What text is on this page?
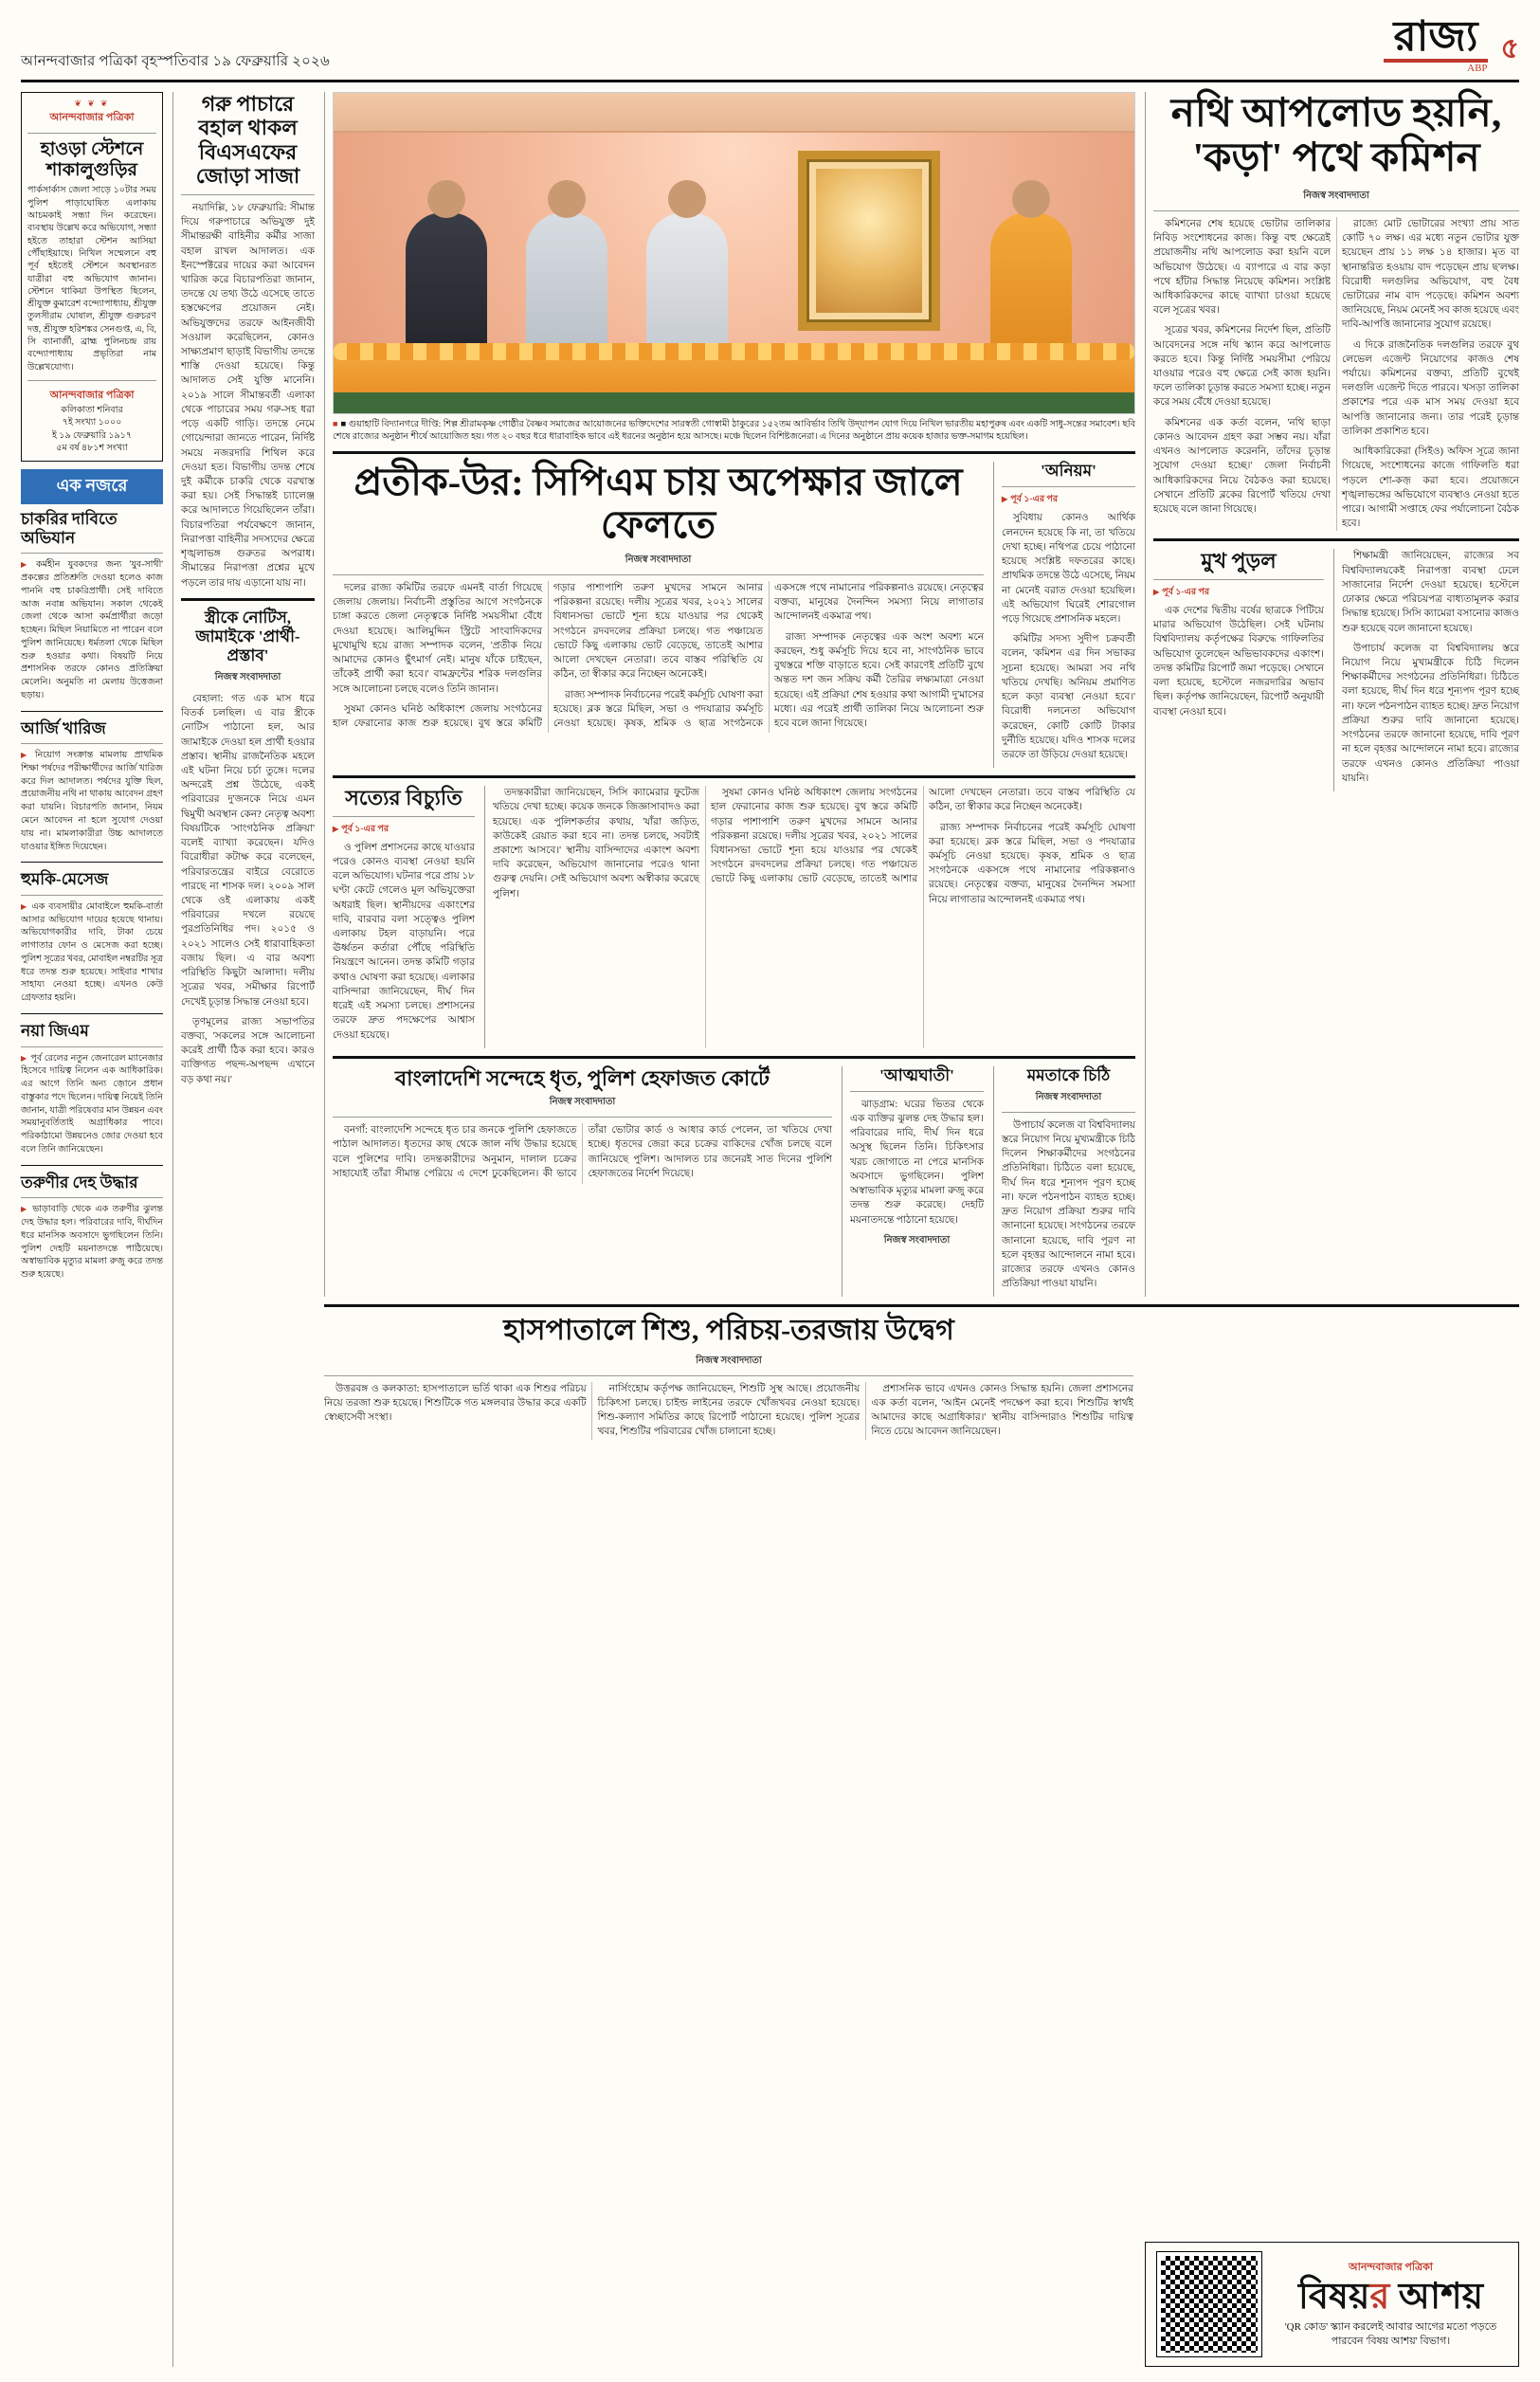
আনন্দবাজার পত্রিকা বৃহস্পতিবার ১৯ ফেব্রুয়ারি ২০২৬
রাজ্য
ABP
৫
❦ ❦ ❦
আনন্দবাজার পত্রিকা
হাওড়া স্টেশনে শাকালুগুড়ির
পার্কসার্কাস জেলা সাড়ে ১০টার সময় পুলিশ পাড়াঘোষিত এলাকায় আচমকাই সন্ধ্যা দিন করেছেন। ব্যবস্থায় উল্লেখ করে অভিযোগ, সন্ধ্যা হইতে তাহারা স্টেশন আসিয়া পৌঁছাইয়াছে। নিখিল সম্মেলনে বহু পূর্ব হইতেই স্টেশনে অবস্থানরত যাত্রীরা বহু অভিযোগ জানান। স্টেশনে থাকিয়া উপস্থিত ছিলেন, শ্রীযুক্ত কুমারেশ বন্দ্যোপাধ্যায়, শ্রীযুক্ত তুলসীরাম ঘোষাল, শ্রীযুক্ত গুরুচরণ দত্ত, শ্রীযুক্ত হরিশঙ্কর সেনগুপ্ত, এ, বি, সি ব্যানার্জী, ব্রাহ্ম পুলিনচন্দ্র রায় বন্দ্যোপাধ্যায় প্রভৃতিরা নাম উল্লেখযোগ্য।
আনন্দবাজার পত্রিকা
কলিকাতা শনিবার
৭ই সংখ্যা ১০০০
ই ১৯ ফেব্রুয়ারি ১৯১৭
৫ম বর্ষ ৪৮১শ সংখ্যা
এক নজরে
চাকরির দাবিতে অভিযান
▶ কর্মহীন যুবকদের জন্য 'যুব-সাথী' প্রকল্পের প্রতিশ্রুতি দেওয়া হলেও কাজ পাননি বহু চাকরিপ্রার্থী। সেই দাবিতে আজ নবান্ন অভিযান। সকাল থেকেই জেলা থেকে আসা কর্মপ্রার্থীরা জড়ো হচ্ছেন। মিছিল নিয়ামিতে না পারেন বলে পুলিশ জানিয়েছে। ধর্মতলা থেকে মিছিল শুরু হওয়ার কথা। বিষয়টি নিয়ে প্রশাসনিক তরফে কোনও প্রতিক্রিয়া মেলেনি। অনুমতি না মেলায় উত্তেজনা ছড়ায়।
আর্জি খারিজ
▶ নিয়োগ সংক্রান্ত মামলায় প্রাথমিক শিক্ষা পর্ষদের পরীক্ষার্থীদের আর্জি খারিজ করে দিল আদালত। পর্ষদের যুক্তি ছিল, প্রয়োজনীয় নথি না থাকায় আবেদন গ্রহণ করা যায়নি। বিচারপতি জানান, নিয়ম মেনে আবেদন না হলে সুযোগ দেওয়া যায় না। মামলাকারীরা উচ্চ আদালতে যাওয়ার ইঙ্গিত দিয়েছেন।
হুমকি-মেসেজ
▶ এক ব্যবসায়ীর মোবাইলে হুমকি-বার্তা আসার অভিযোগ দায়ের হয়েছে থানায়। অভিযোগকারীর দাবি, টাকা চেয়ে লাগাতার ফোন ও মেসেজ করা হচ্ছে। পুলিশ সূত্রের খবর, মোবাইল নম্বরটির সূত্র ধরে তদন্ত শুরু হয়েছে। সাইবার শাখার সাহায্য নেওয়া হচ্ছে। এখনও কেউ গ্রেফতার হয়নি।
নয়া জিএম
▶ পূর্ব রেলের নতুন জেনারেল ম্যানেজার হিসেবে দায়িত্ব নিলেন এক আধিকারিক। এর আগে তিনি অন্য জ়োনে প্রধান বাস্তুকার পদে ছিলেন। দায়িত্ব নিয়েই তিনি জানান, যাত্রী পরিষেবার মান উন্নয়ন এবং সময়ানুবর্তিতাই অগ্রাধিকার পাবে। পরিকাঠামো উন্নয়নেও জোর দেওয়া হবে বলে তিনি জানিয়েছেন।
তরুণীর দেহ উদ্ধার
▶ ভাড়াবাড়ি থেকে এক তরুণীর ঝুলন্ত দেহ উদ্ধার হল। পরিবারের দাবি, দীর্ঘদিন ধরে মানসিক অবসাদে ভুগছিলেন তিনি। পুলিশ দেহটি ময়নাতদন্তে পাঠিয়েছে। অস্বাভাবিক মৃত্যুর মামলা রুজু করে তদন্ত শুরু হয়েছে।
গরু পাচারে বহাল থাকল বিএসএফের জোড়া সাজা

নয়াদিল্লি, ১৮ ফেব্রুয়ারি: সীমান্ত দিয়ে গরুপাচারে অভিযুক্ত দুই সীমান্তরক্ষী বাহিনীর কর্মীর সাজা বহাল রাখল আদালত। এক ইনস্পেক্টরের দায়ের করা আবেদন খারিজ করে বিচারপতিরা জানান, তদন্তে যে তথ্য উঠে এসেছে তাতে হস্তক্ষেপের প্রয়োজন নেই। অভিযুক্তদের তরফে আইনজীবী সওয়াল করেছিলেন, কোনও সাক্ষ্যপ্রমাণ ছাড়াই বিভাগীয় তদন্তে শাস্তি দেওয়া হয়েছে। কিন্তু আদালত সেই যুক্তি মানেনি। ২০১৯ সালে সীমান্তবর্তী এলাকা থেকে পাচারের সময় গরু-সহ ধরা পড়ে একটি গাড়ি। তদন্তে নেমে গোয়েন্দারা জানতে পারেন, নির্দিষ্ট সময়ে নজরদারি শিথিল করে দেওয়া হত। বিভাগীয় তদন্ত শেষে দুই কর্মীকে চাকরি থেকে বরখাস্ত করা হয়। সেই সিদ্ধান্তই চ্যালেঞ্জ করে আদালতে গিয়েছিলেন তাঁরা। বিচারপতিরা পর্যবেক্ষণে জানান, নিরাপত্তা বাহিনীর সদস্যদের ক্ষেত্রে শৃঙ্খলাভঙ্গ গুরুতর অপরাধ। সীমান্তের নিরাপত্তা প্রশ্নের মুখে পড়লে তার দায় এড়ানো যায় না।

স্ত্রীকে নোটিস, জামাইকে 'প্রার্থী-প্রস্তাব'
নিজস্ব সংবাদদাতা

বেহালা: গত এক মাস ধরে বিতর্ক চলছিল। এ বার স্ত্রীকে নোটিস পাঠানো হল, আর জামাইকে দেওয়া হল প্রার্থী হওয়ার প্রস্তাব। স্থানীয় রাজনৈতিক মহলে এই ঘটনা নিয়ে চর্চা তুঙ্গে। দলের অন্দরেই প্রশ্ন উঠেছে, একই পরিবারের দু'জনকে নিয়ে এমন দ্বিমুখী অবস্থান কেন? নেতৃত্ব অবশ্য বিষয়টিকে 'সাংগঠনিক প্রক্রিয়া' বলেই ব্যাখ্যা করেছেন। যদিও বিরোধীরা কটাক্ষ করে বলেছেন, পরিবারতন্ত্রের বাইরে বেরোতে পারছে না শাসক দল। ২০০৯ সাল থেকে ওই এলাকায় একই পরিবারের দখলে রয়েছে পুরপ্রতিনিধির পদ। ২০১৫ ও ২০২১ সালেও সেই ধারাবাহিকতা বজায় ছিল। এ বার অবশ্য পরিস্থিতি কিছুটা আলাদা। দলীয় সূত্রের খবর, সমীক্ষার রিপোর্ট দেখেই চূড়ান্ত সিদ্ধান্ত নেওয়া হবে।

তৃণমূলের রাজ্য সভাপতির বক্তব্য, 'সকলের সঙ্গে আলোচনা করেই প্রার্থী ঠিক করা হবে। কারও ব্যক্তিগত পছন্দ-অপছন্দ এখানে বড় কথা নয়।'

■ ■ গুয়াহাটি বিদ্যানগরে দীপ্তি: শিল্প শ্রীরামকৃষ্ণ গোষ্ঠীর বৈষ্ণব সমাজের আয়োজনের ভক্তিদেশের সারস্বতী গোস্বামী ঠাকুরের ১৫২তম আবির্ভাব তিথি উদ্‌যাপন যোগ দিয়ে নিখিল ভারতীয় মহাপুরুষ এবং একটি সাধু-সন্তের সমাবেশ। ছবি শেষে রাজ্যের অনুষ্ঠান শীর্ষে আয়োজিত হয়। গত ২০ বছর ধরে ধারাবাহিক ভাবে এই ধরনের অনুষ্ঠান হয়ে আসছে। মঞ্চে ছিলেন বিশিষ্টজনেরা। এ দিনের অনুষ্ঠানে প্রায় কয়েক হাজার ভক্ত-সমাগম হয়েছিল।
প্রতীক-উর: সিপিএম চায় অপেক্ষার জালে ফেলতে
নিজস্ব সংবাদদাতা

দলের রাজ্য কমিটির তরফে এমনই বার্তা গিয়েছে জেলায় জেলায়। নির্বাচনী প্রস্তুতির আগে সংগঠনকে চাঙ্গা করতে জেলা নেতৃত্বকে নির্দিষ্ট সময়সীমা বেঁধে দেওয়া হয়েছে। আলিমুদ্দিন স্ট্রিটে সাংবাদিকদের মুখোমুখি হয়ে রাজ্য সম্পাদক বলেন, 'প্রতীক নিয়ে আমাদের কোনও ছুঁৎমার্গ নেই। মানুষ যাঁকে চাইছেন, তাঁকেই প্রার্থী করা হবে।' বামফ্রন্টের শরিক দলগুলির সঙ্গে আলোচনা চলছে বলেও তিনি জানান।

সুষমা কোনও ঘনিষ্ঠ অধিকাংশ জেলায় সংগঠনের হাল ফেরানোর কাজ শুরু হয়েছে। বুথ স্তরে কমিটি গড়ার পাশাপাশি তরুণ মুখদের সামনে আনার পরিকল্পনা রয়েছে। দলীয় সূত্রের খবর, ২০২১ সালের বিধানসভা ভোটে শূন্য হয়ে যাওয়ার পর থেকেই সংগঠনে রদবদলের প্রক্রিয়া চলছে। গত পঞ্চায়েত ভোটে কিছু এলাকায় ভোট বেড়েছে, তাতেই আশার আলো দেখছেন নেতারা। তবে বাস্তব পরিস্থিতি যে কঠিন, তা স্বীকার করে নিচ্ছেন অনেকেই।

রাজ্য সম্পাদক নির্বাচনের পরেই কর্মসূচি ঘোষণা করা হয়েছে। ব্লক স্তরে মিছিল, সভা ও পদযাত্রার কর্মসূচি নেওয়া হয়েছে। কৃষক, শ্রমিক ও ছাত্র সংগঠনকে একসঙ্গে পথে নামানোর পরিকল্পনাও রয়েছে। নেতৃত্বের বক্তব্য, মানুষের দৈনন্দিন সমস্যা নিয়ে লাগাতার আন্দোলনই একমাত্র পথ।

রাজ্য সম্পাদক নেতৃত্বের এক অংশ অবশ্য মনে করছেন, শুধু কর্মসূচি দিয়ে হবে না, সাংগঠনিক ভাবে বুথস্তরে শক্তি বাড়াতে হবে। সেই কারণেই প্রতিটি বুথে অন্তত দশ জন সক্রিয় কর্মী তৈরির লক্ষ্যমাত্রা নেওয়া হয়েছে। এই প্রক্রিয়া শেষ হওয়ার কথা আগামী দু'মাসের মধ্যে। এর পরেই প্রার্থী তালিকা নিয়ে আলোচনা শুরু হবে বলে জানা গিয়েছে।

'অনিয়ম'
▶ পূর্ব ১-এর পর

সুবিধায় কোনও আর্থিক লেনদেন হয়েছে কি না, তা খতিয়ে দেখা হচ্ছে। নথিপত্র চেয়ে পাঠানো হয়েছে সংশ্লিষ্ট দফতরের কাছে। প্রাথমিক তদন্তে উঠে এসেছে, নিয়ম না মেনেই বরাত দেওয়া হয়েছিল। এই অভিযোগ ঘিরেই শোরগোল পড়ে গিয়েছে প্রশাসনিক মহলে।

কমিটির সদস্য সুদীপ চক্রবর্তী বলেন, 'কমিশন এর দিন সভাকর সূচনা হয়েছে। আমরা সব নথি খতিয়ে দেখছি। অনিয়ম প্রমাণিত হলে কড়া ব্যবস্থা নেওয়া হবে।' বিরোধী দলনেতা অভিযোগ করেছেন, কোটি কোটি টাকার দুর্নীতি হয়েছে। যদিও শাসক দলের তরফে তা উড়িয়ে দেওয়া হয়েছে।

সত্যের বিচ্যুতি
▶ পূর্ব ১-এর পর

ও পুলিশ প্রশাসনের কাছে যাওয়ার পরেও কোনও ব্যবস্থা নেওয়া হয়নি বলে অভিযোগ। ঘটনার পরে প্রায় ১৮ ঘণ্টা কেটে গেলেও মূল অভিযুক্তেরা অধরাই ছিল। স্থানীয়দের একাংশের দাবি, বারবার বলা সত্ত্বেও পুলিশ এলাকায় টহল বাড়ায়নি। পরে ঊর্ধ্বতন কর্তারা পৌঁছে পরিস্থিতি নিয়ন্ত্রণে আনেন। তদন্ত কমিটি গড়ার কথাও ঘোষণা করা হয়েছে। এলাকার বাসিন্দারা জানিয়েছেন, দীর্ঘ দিন ধরেই এই সমস্যা চলছে। প্রশাসনের তরফে দ্রুত পদক্ষেপের আশ্বাস দেওয়া হয়েছে।

তদন্তকারীরা জানিয়েছেন, সিসি ক্যামেরার ফুটেজ খতিয়ে দেখা হচ্ছে। কয়েক জনকে জিজ্ঞাসাবাদও করা হয়েছে। এক পুলিশকর্তার কথায়, 'যাঁরা জড়িত, কাউকেই রেয়াত করা হবে না। তদন্ত চলছে, সবটাই প্রকাশ্যে আসবে।' স্থানীয় বাসিন্দাদের একাংশ অবশ্য দাবি করেছেন, অভিযোগ জানানোর পরেও থানা গুরুত্ব দেয়নি। সেই অভিযোগ অবশ্য অস্বীকার করেছে পুলিশ।

সুষমা কোনও ঘনিষ্ঠ অধিকাংশ জেলায় সংগঠনের হাল ফেরানোর কাজ শুরু হয়েছে। বুথ স্তরে কমিটি গড়ার পাশাপাশি তরুণ মুখদের সামনে আনার পরিকল্পনা রয়েছে। দলীয় সূত্রের খবর, ২০২১ সালের বিধানসভা ভোটে শূন্য হয়ে যাওয়ার পর থেকেই সংগঠনে রদবদলের প্রক্রিয়া চলছে। গত পঞ্চায়েত ভোটে কিছু এলাকায় ভোট বেড়েছে, তাতেই আশার আলো দেখছেন নেতারা। তবে বাস্তব পরিস্থিতি যে কঠিন, তা স্বীকার করে নিচ্ছেন অনেকেই।

রাজ্য সম্পাদক নির্বাচনের পরেই কর্মসূচি ঘোষণা করা হয়েছে। ব্লক স্তরে মিছিল, সভা ও পদযাত্রার কর্মসূচি নেওয়া হয়েছে। কৃষক, শ্রমিক ও ছাত্র সংগঠনকে একসঙ্গে পথে নামানোর পরিকল্পনাও রয়েছে। নেতৃত্বের বক্তব্য, মানুষের দৈনন্দিন সমস্যা নিয়ে লাগাতার আন্দোলনই একমাত্র পথ।

বাংলাদেশি সন্দেহে ধৃত, পুলিশ হেফাজত কোর্টে
নিজস্ব সংবাদদাতা

বনগাঁ: বাংলাদেশি সন্দেহে ধৃত চার জনকে পুলিশি হেফাজতে পাঠাল আদালত। ধৃতদের কাছ থেকে জাল নথি উদ্ধার হয়েছে বলে পুলিশের দাবি। তদন্তকারীদের অনুমান, দালাল চক্রের সাহায্যেই তাঁরা সীমান্ত পেরিয়ে এ দেশে ঢুকেছিলেন। কী ভাবে তাঁরা ভোটার কার্ড ও আধার কার্ড পেলেন, তা খতিয়ে দেখা হচ্ছে। ধৃতদের জেরা করে চক্রের বাকিদের খোঁজ চলছে বলে জানিয়েছে পুলিশ। আদালত চার জনেরই সাত দিনের পুলিশি হেফাজতের নির্দেশ দিয়েছে।

'আত্মঘাতী'

ঝাড়গ্রাম: ঘরের ভিতর থেকে এক ব্যক্তির ঝুলন্ত দেহ উদ্ধার হল। পরিবারের দাবি, দীর্ঘ দিন ধরে অসুস্থ ছিলেন তিনি। চিকিৎসার খরচ জোগাতে না পেরে মানসিক অবসাদে ভুগছিলেন। পুলিশ অস্বাভাবিক মৃত্যুর মামলা রুজু করে তদন্ত শুরু করেছে। দেহটি ময়নাতদন্তে পাঠানো হয়েছে।

নিজস্ব সংবাদদাতা
মমতাকে চিঠি
নিজস্ব সংবাদদাতা

উপাচার্য কলেজ বা বিশ্ববিদ্যালয় স্তরে নিয়োগ নিয়ে মুখ্যমন্ত্রীকে চিঠি দিলেন শিক্ষাকর্মীদের সংগঠনের প্রতিনিধিরা। চিঠিতে বলা হয়েছে, দীর্ঘ দিন ধরে শূন্যপদ পূরণ হচ্ছে না। ফলে পঠনপাঠন ব্যাহত হচ্ছে। দ্রুত নিয়োগ প্রক্রিয়া শুরুর দাবি জানানো হয়েছে। সংগঠনের তরফে জানানো হয়েছে, দাবি পূরণ না হলে বৃহত্তর আন্দোলনে নামা হবে। রাজ্যের তরফে এখনও কোনও প্রতিক্রিয়া পাওয়া যায়নি।

নথি আপলোড হয়নি, 'কড়া' পথে কমিশন
নিজস্ব সংবাদদাতা

কমিশনের শেষ হয়েছে ভোটার তালিকার নিবিড় সংশোধনের কাজ। কিন্তু বহু ক্ষেত্রেই প্রয়োজনীয় নথি আপলোড করা হয়নি বলে অভিযোগ উঠেছে। এ ব্যাপারে এ বার কড়া পথে হাঁটার সিদ্ধান্ত নিয়েছে কমিশন। সংশ্লিষ্ট আধিকারিকদের কাছে ব্যাখ্যা চাওয়া হয়েছে বলে সূত্রের খবর।

সূত্রের খবর, কমিশনের নির্দেশ ছিল, প্রতিটি আবেদনের সঙ্গে নথি স্ক্যান করে আপলোড করতে হবে। কিন্তু নির্দিষ্ট সময়সীমা পেরিয়ে যাওয়ার পরেও বহু ক্ষেত্রে সেই কাজ হয়নি। ফলে তালিকা চূড়ান্ত করতে সমস্যা হচ্ছে। নতুন করে সময় বেঁধে দেওয়া হয়েছে।

কমিশনের এক কর্তা বলেন, 'নথি ছাড়া কোনও আবেদন গ্রহণ করা সম্ভব নয়। যাঁরা এখনও আপলোড করেননি, তাঁদের চূড়ান্ত সুযোগ দেওয়া হচ্ছে।' জেলা নির্বাচনী আধিকারিকদের নিয়ে বৈঠকও করা হয়েছে। সেখানে প্রতিটি ব্লকের রিপোর্ট খতিয়ে দেখা হয়েছে বলে জানা গিয়েছে।

রাজ্যে মোট ভোটারের সংখ্যা প্রায় সাত কোটি ৭০ লক্ষ। এর মধ্যে নতুন ভোটার যুক্ত হয়েছেন প্রায় ১১ লক্ষ ১৪ হাজার। মৃত বা স্থানান্তরিত হওয়ায় বাদ পড়েছেন প্রায় ছ'লক্ষ। বিরোধী দলগুলির অভিযোগ, বহু বৈধ ভোটারের নাম বাদ পড়েছে। কমিশন অবশ্য জানিয়েছে, নিয়ম মেনেই সব কাজ হয়েছে এবং দাবি-আপত্তি জানানোর সুযোগ রয়েছে।

এ দিকে রাজনৈতিক দলগুলির তরফে বুথ লেভেল এজেন্ট নিয়োগের কাজও শেষ পর্যায়ে। কমিশনের বক্তব্য, প্রতিটি বুথেই দলগুলি এজেন্ট দিতে পারবে। খসড়া তালিকা প্রকাশের পরে এক মাস সময় দেওয়া হবে আপত্তি জানানোর জন্য। তার পরেই চূড়ান্ত তালিকা প্রকাশিত হবে।

আধিকারিকেরা (সিইও) অফিস সূত্রে জানা গিয়েছে, সংশোধনের কাজে গাফিলতি ধরা পড়লে শো-কজ় করা হবে। প্রয়োজনে শৃঙ্খলাভঙ্গের অভিযোগে ব্যবস্থাও নেওয়া হতে পারে। আগামী সপ্তাহে ফের পর্যালোচনা বৈঠক হবে।

মুখ পুড়ল
▶ পূর্ব ১-এর পর

এক দেশের দ্বিতীয় বর্ষের ছাত্রকে পিটিয়ে মারার অভিযোগ উঠেছিল। সেই ঘটনায় বিশ্ববিদ্যালয় কর্তৃপক্ষের বিরুদ্ধে গাফিলতির অভিযোগ তুলেছেন অভিভাবকদের একাংশ। তদন্ত কমিটির রিপোর্ট জমা পড়েছে। সেখানে বলা হয়েছে, হস্টেলে নজরদারির অভাব ছিল। কর্তৃপক্ষ জানিয়েছেন, রিপোর্ট অনুযায়ী ব্যবস্থা নেওয়া হবে।

শিক্ষামন্ত্রী জানিয়েছেন, রাজ্যের সব বিশ্ববিদ্যালয়কেই নিরাপত্তা ব্যবস্থা ঢেলে সাজানোর নির্দেশ দেওয়া হয়েছে। হস্টেলে ঢোকার ক্ষেত্রে পরিচয়পত্র বাধ্যতামূলক করার সিদ্ধান্ত হয়েছে। সিসি ক্যামেরা বসানোর কাজও শুরু হয়েছে বলে জানানো হয়েছে।

উপাচার্য কলেজ বা বিশ্ববিদ্যালয় স্তরে নিয়োগ নিয়ে মুখ্যমন্ত্রীকে চিঠি দিলেন শিক্ষাকর্মীদের সংগঠনের প্রতিনিধিরা। চিঠিতে বলা হয়েছে, দীর্ঘ দিন ধরে শূন্যপদ পূরণ হচ্ছে না। ফলে পঠনপাঠন ব্যাহত হচ্ছে। দ্রুত নিয়োগ প্রক্রিয়া শুরুর দাবি জানানো হয়েছে। সংগঠনের তরফে জানানো হয়েছে, দাবি পূরণ না হলে বৃহত্তর আন্দোলনে নামা হবে। রাজ্যের তরফে এখনও কোনও প্রতিক্রিয়া পাওয়া যায়নি।

হাসপাতালে শিশু, পরিচয়-তরজায় উদ্বেগ
নিজস্ব সংবাদদাতা

উত্তরবঙ্গ ও কলকাতা: হাসপাতালে ভর্তি থাকা এক শিশুর পরিচয় নিয়ে তরজা শুরু হয়েছে। শিশুটিকে গত মঙ্গলবার উদ্ধার করে একটি স্বেচ্ছাসেবী সংস্থা।

নার্সিংহোম কর্তৃপক্ষ জানিয়েছেন, শিশুটি সুস্থ আছে। প্রয়োজনীয় চিকিৎসা চলছে। চাইল্ড লাইনের তরফে খোঁজখবর নেওয়া হয়েছে। শিশু-কল্যাণ সমিতির কাছে রিপোর্ট পাঠানো হয়েছে। পুলিশ সূত্রের খবর, শিশুটির পরিবারের খোঁজ চালানো হচ্ছে।

প্রশাসনিক ভাবে এখনও কোনও সিদ্ধান্ত হয়নি। জেলা প্রশাসনের এক কর্তা বলেন, 'আইন মেনেই পদক্ষেপ করা হবে। শিশুটির স্বার্থই আমাদের কাছে অগ্রাধিকার।' স্থানীয় বাসিন্দারাও শিশুটির দায়িত্ব নিতে চেয়ে আবেদন জানিয়েছেন।

আনন্দবাজার পত্রিকা
বিষয়র আশয়
'QR কোড' স্ক্যান করলেই আবার আগের মতো পড়তে পারবেন 'বিষয় আশয়' বিভাগ।
